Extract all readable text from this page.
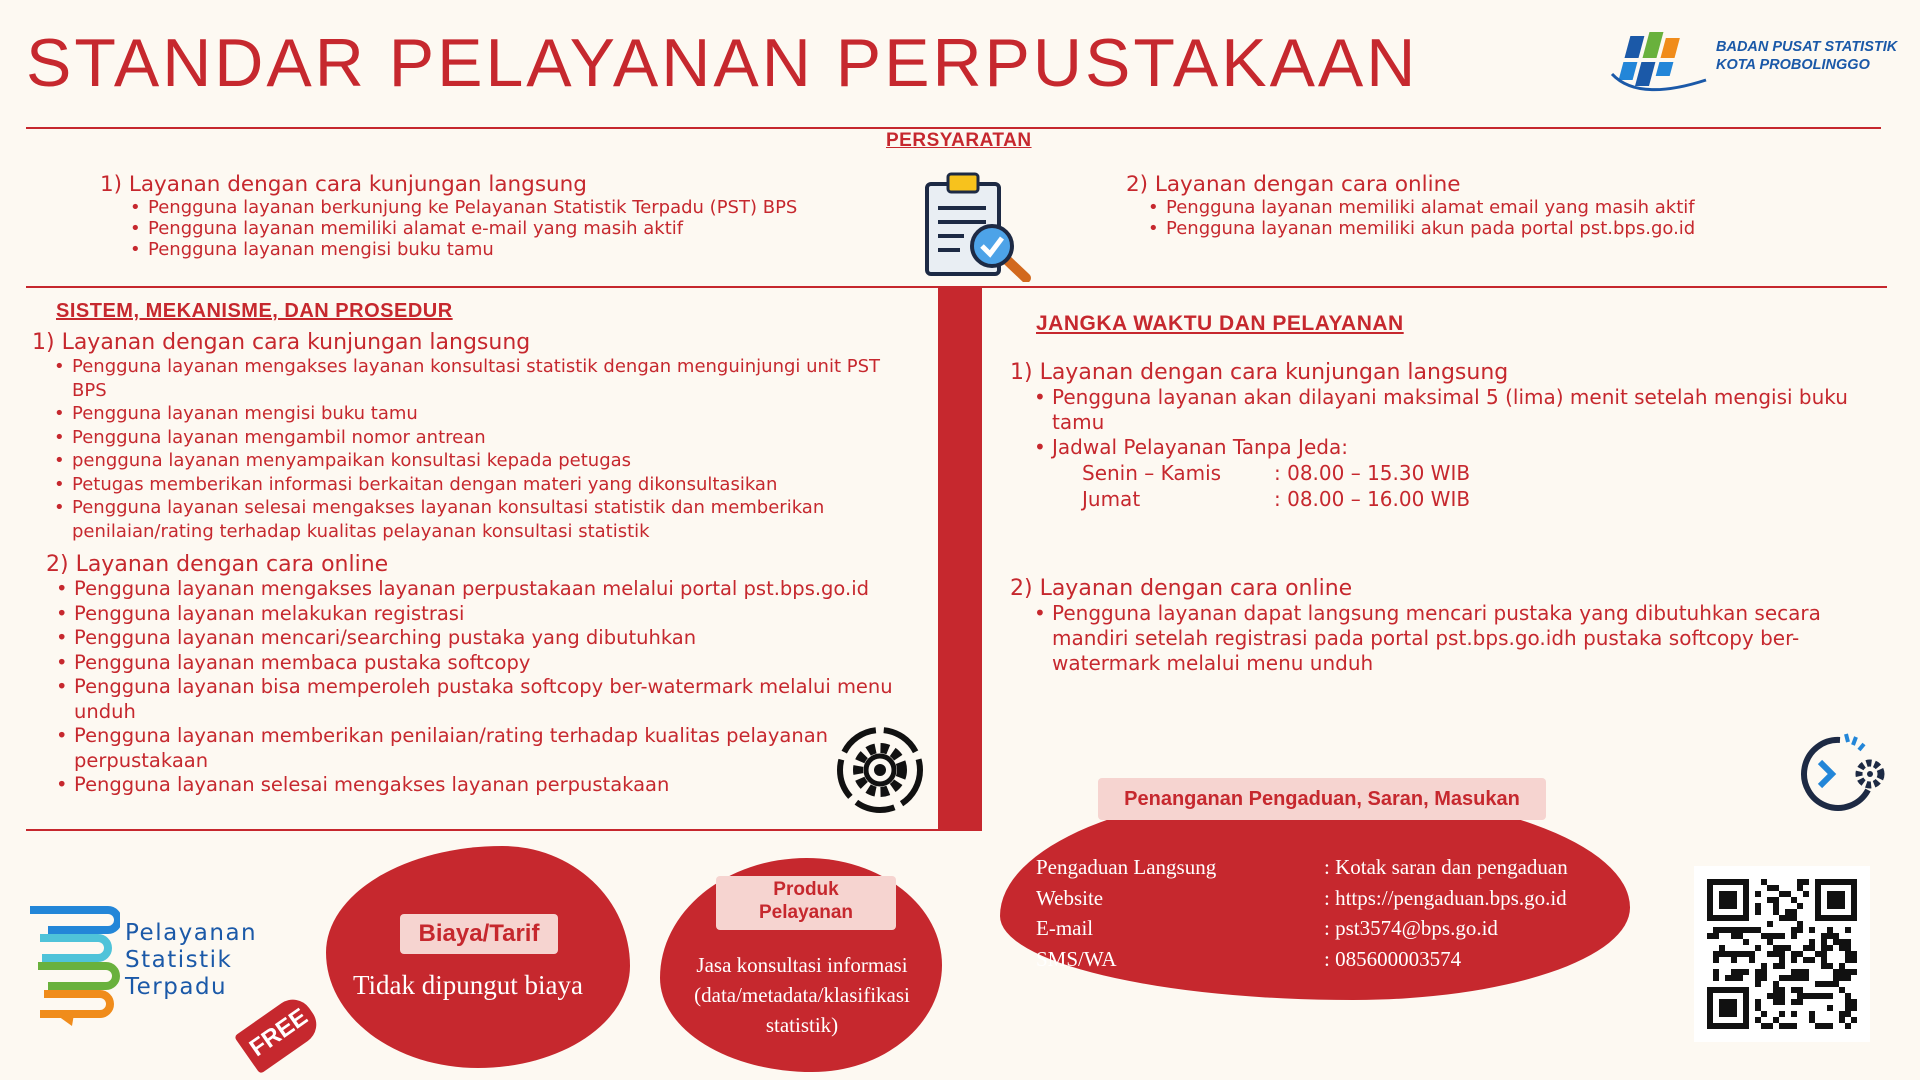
STANDAR PELAYANAN PERPUSTAKAAN	BADAN PUSAT STATISTIK
KOTA PROBOLINGGO
PERSYARATAN
1) Layanan dengan cara kunjungan langsung
• Pengguna layanan berkunjung ke Pelayanan Statistik Terpadu (PST) BPS
• Pengguna layanan memiliki alamat e-mail yang masih aktif
• Pengguna layanan mengisi buku tamu
2) Layanan dengan cara online
• Pengguna layanan memiliki alamat email yang masih aktif
• Pengguna layanan memiliki akun pada portal pst.bps.go.id
SISTEM, MEKANISME, DAN PROSEDUR
1) Layanan dengan cara kunjungan langsung
• Pengguna layanan mengakses layanan konsultasi statistik dengan menguinjungi unit PST BPS
• Pengguna layanan mengisi buku tamu
• Pengguna layanan mengambil nomor antrean
• pengguna layanan menyampaikan konsultasi kepada petugas
• Petugas memberikan informasi berkaitan dengan materi yang dikonsultasikan
• Pengguna layanan selesai mengakses layanan konsultasi statistik dan memberikan penilaian/rating terhadap kualitas pelayanan konsultasi statistik
2) Layanan dengan cara online
• Pengguna layanan mengakses layanan perpustakaan melalui portal pst.bps.go.id
• Pengguna layanan melakukan registrasi
• Pengguna layanan mencari/searching pustaka yang dibutuhkan
• Pengguna layanan membaca pustaka softcopy
• Pengguna layanan bisa memperoleh pustaka softcopy ber-watermark melalui menu unduh
• Pengguna layanan memberikan penilaian/rating terhadap kualitas pelayanan perpustakaan
• Pengguna layanan selesai mengakses layanan perpustakaan
JANGKA WAKTU DAN PELAYANAN
1) Layanan dengan cara kunjungan langsung
• Pengguna layanan akan dilayani maksimal 5 (lima) menit setelah mengisi buku tamu
• Jadwal Pelayanan Tanpa Jeda:
Senin – Kamis	: 08.00 – 15.30 WIB
Jumat	: 08.00 – 16.00 WIB
2) Layanan dengan cara online
• Pengguna layanan dapat langsung mencari pustaka yang dibutuhkan secara mandiri setelah registrasi pada portal pst.bps.go.idh pustaka softcopy ber-watermark melalui menu unduh
Pelayanan
Statistik
Terpadu
Biaya/Tarif
Tidak dipungut biaya
FREE
Produk
Pelayanan
Jasa konsultasi informasi
(data/metadata/klasifikasi
statistik)
Penanganan Pengaduan, Saran, Masukan
Pengaduan Langsung	: Kotak saran dan pengaduan
Website	: https://pengaduan.bps.go.id
E-mail	: pst3574@bps.go.id
SMS/WA	: 085600003574
